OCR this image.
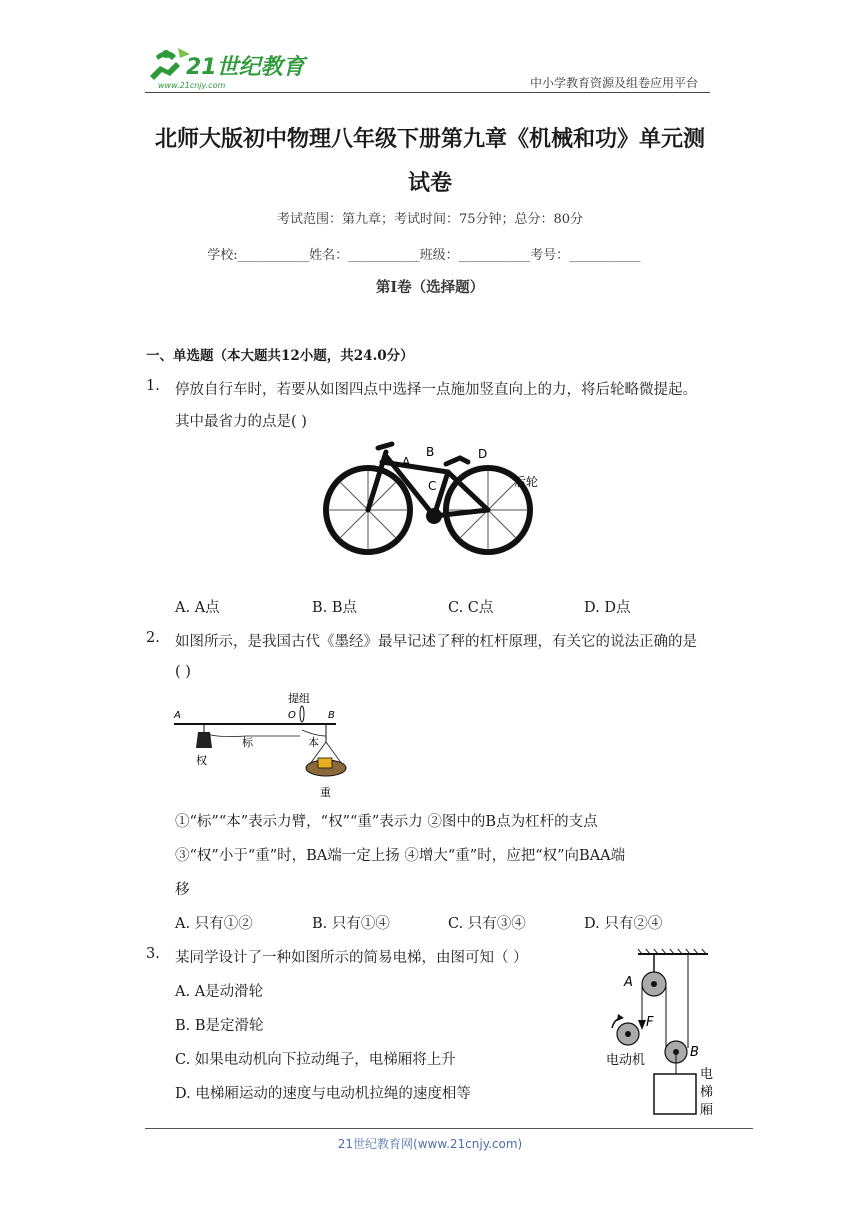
21世纪教育
www.21cnjy.com	中小学教育资源及组卷应用平台
北师大版初中物理八年级下册第九章《机械和功》单元测
试卷
考试范围：第九章；考试时间：75分钟；总分：80分
学校:___________姓名：___________班级：___________考号：___________
第I卷（选择题）
一、单选题（本大题共12小题，共24.0分）
1. 停放自行车时，若要从如图四点中选择一点施加竖直向上的力，将后轮略微提起。
其中最省力的点是( )
A
B	D
C	后轮
A. A点	B. B点	C. C点	D. D点
2. 如图所示，是我国古代《墨经》最早记述了秤的杠杆原理，有关它的说法正确的是
( )
提组
A	O	B
权
标	本
重
①“标”“本”表示力臂，“权”“重”表示力 ②图中的B点为杠杆的支点
③“权”小于“重”时，BA端一定上扬 ④增大“重”时，应把“权”向BAA端
移
A. 只有①②	B. 只有①④	C. 只有③④	D. 只有②④
3. 某同学设计了一种如图所示的简易电梯，由图可知（ ）
A. A是动滑轮
B. B是定滑轮
C. 如果电动机向下拉动绳子，电梯厢将上升
D. 电梯厢运动的速度与电动机拉绳的速度相等
A
F
电动机
B
电
梯
厢
21世纪教育网(www.21cnjy.com)
